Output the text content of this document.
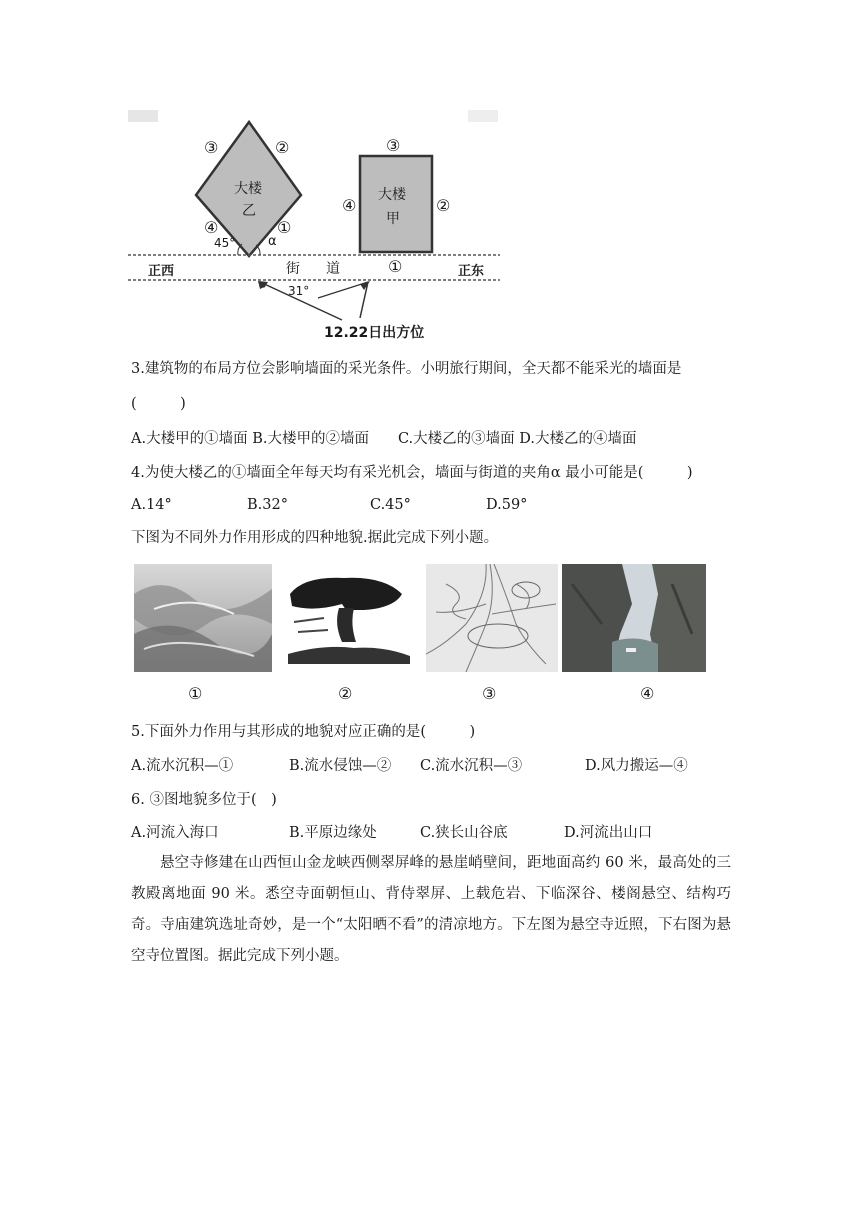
大楼
乙
大楼
甲
③	②
④	①
③
④	②
①
45°	α
正西	正东
街 道
31°
12.22日出方位
3.建筑物的布局方位会影响墙面的采光条件。小明旅行期间，全天都不能采光的墙面是
(　　　)
A.大楼甲的①墙面 B.大楼甲的②墙面　　C.大楼乙的③墙面 D.大楼乙的④墙面
4.为使大楼乙的①墙面全年每天均有采光机会，墙面与街道的夹角α 最小可能是(　　　)
A.14°	B.32°	C.45°	D.59°
下图为不同外力作用形成的四种地貌.据此完成下列小题。
①	②	③	④
5.下面外力作用与其形成的地貌对应正确的是(　　　)
A.流水沉积—①	B.流水侵蚀—② C.流水沉积—③	D.风力搬运—④
6. ③图地貌多位于(　)
A.河流入海口	B.平原边缘处	C.狭长山谷底	D.河流出山口
悬空寺修建在山西恒山金龙峡西侧翠屏峰的悬崖峭壁间，距地面高约 60 米，最高处的三教殿离地面 90 米。悉空寺面朝恒山、背侍翠屏、上载危岩、下临深谷、楼阁悬空、结构巧奇。寺庙建筑选址奇妙，是一个“太阳晒不看”的清凉地方。下左图为悬空寺近照，下右图为悬空寺位置图。据此完成下列小题。
